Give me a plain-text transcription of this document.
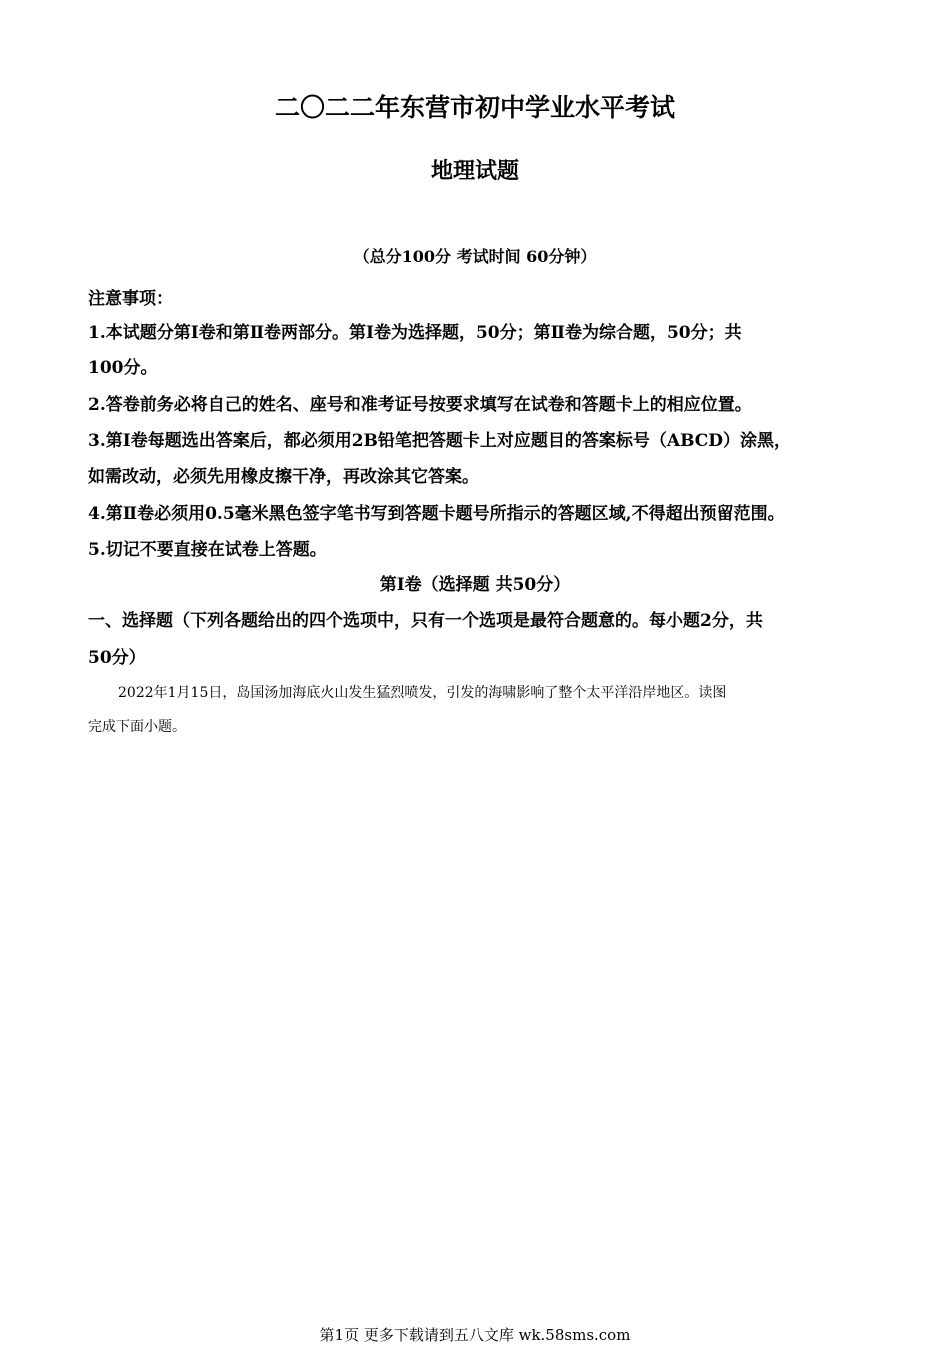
二〇二二年东营市初中学业水平考试
地理试题
（总分100分 考试时间 60分钟）
注意事项：
1.本试题分第Ⅰ卷和第Ⅱ卷两部分。第Ⅰ卷为选择题，50分；第Ⅱ卷为综合题，50分；共
100分。
2.答卷前务必将自己的姓名、座号和准考证号按要求填写在试卷和答题卡上的相应位置。
3.第Ⅰ卷每题选出答案后，都必须用2B铅笔把答题卡上对应题目的答案标号（ABCD）涂黑，
如需改动，必须先用橡皮擦干净，再改涂其它答案。
4.第Ⅱ卷必须用0.5毫米黑色签字笔书写到答题卡题号所指示的答题区域,不得超出预留范围。
5.切记不要直接在试卷上答题。
第Ⅰ卷（选择题 共50分）
一、选择题（下列各题给出的四个选项中，只有一个选项是最符合题意的。每小题2分，共
50分）
2022年1月15日，岛国汤加海底火山发生猛烈喷发，引发的海啸影响了整个太平洋沿岸地区。读图
完成下面小题。
第1页 更多下载请到五八文库 wk.58sms.com
